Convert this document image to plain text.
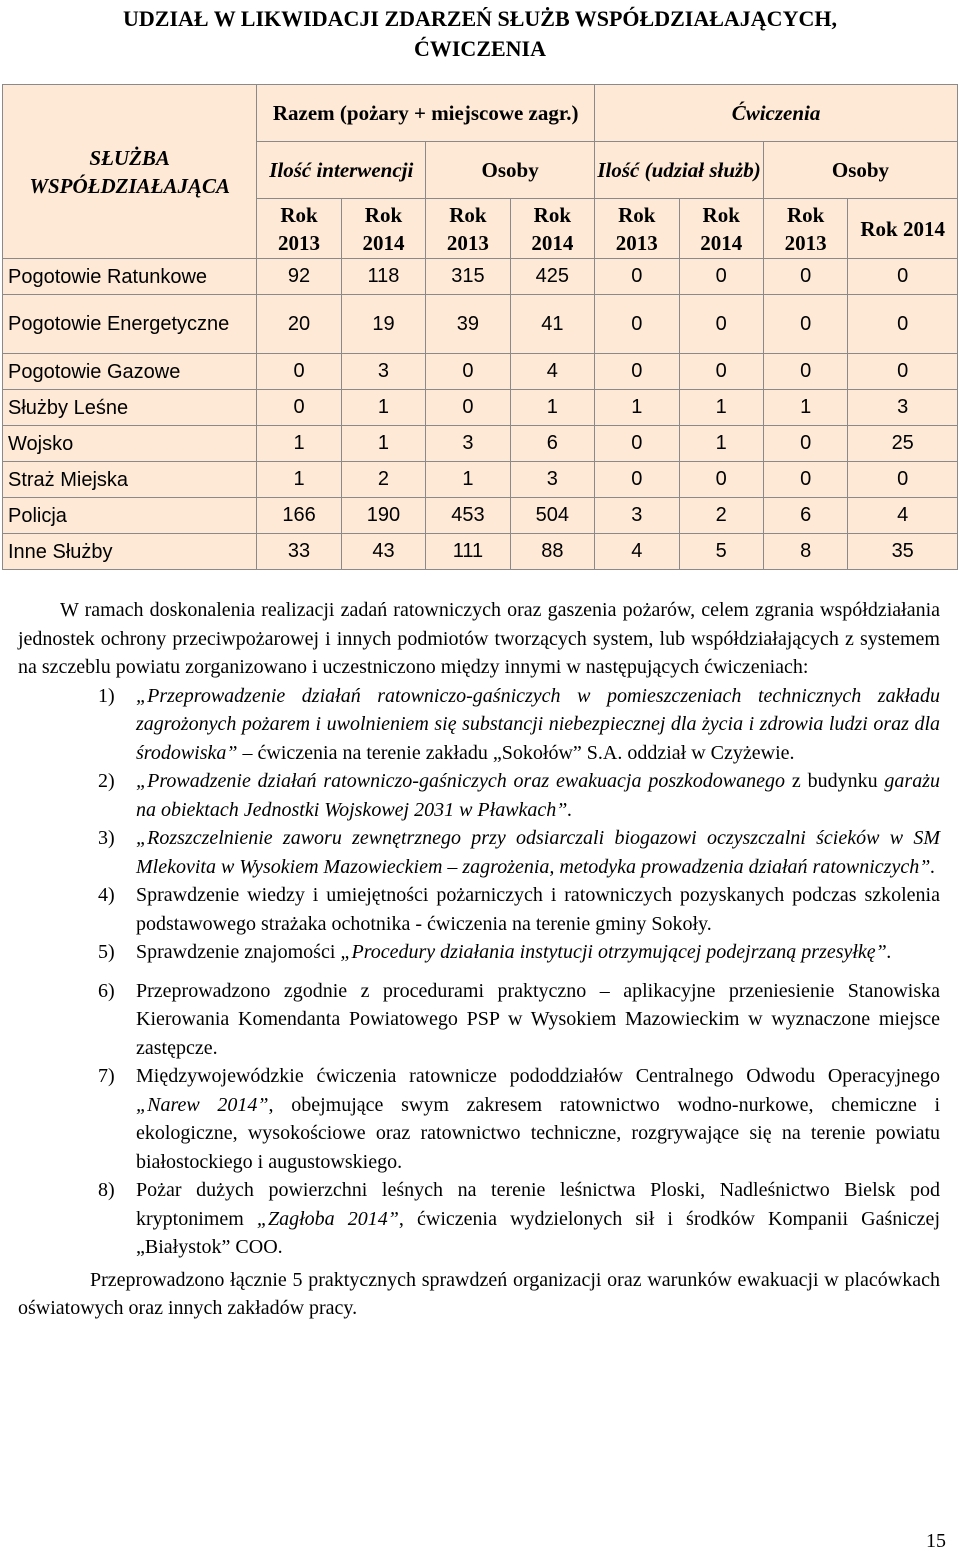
UDZIAŁ W LIKWIDACJI ZDARZEŃ SŁUŻB WSPÓŁDZIAŁAJĄCYCH,
ĆWICZENIA
SŁUŻBA WSPÓŁDZIAŁAJĄCA	Razem (pożary + miejscowe zagr.)				Ćwiczenia			
	Ilość interwencji		Osoby		Ilość (udział służb)		Osoby	
	Rok 2013	Rok 2014	Rok 2013	Rok 2014	Rok 2013	Rok 2014	Rok 2013	Rok 2014
Pogotowie Ratunkowe	92	118	315	425	0	0	0	0
Pogotowie Energetyczne	20	19	39	41	0	0	0	0
Pogotowie Gazowe	0	3	0	4	0	0	0	0
Służby Leśne	0	1	0	1	1	1	1	3
Wojsko	1	1	3	6	0	1	0	25
Straż Miejska	1	2	1	3	0	0	0	0
Policja	166	190	453	504	3	2	6	4
Inne Służby	33	43	111	88	4	5	8	35

W ramach doskonalenia realizacji zadań ratowniczych oraz gaszenia pożarów, celem zgrania współdziałania jednostek ochrony przeciwpożarowej i innych podmiotów tworzących system, lub współdziałających z systemem na szczeblu powiatu zorganizowano i uczestniczono między innymi w następujących ćwiczeniach:

1) „Przeprowadzenie działań ratowniczo-gaśniczych w pomieszczeniach technicznych zakładu zagrożonych pożarem i uwolnieniem się substancji niebezpiecznej dla życia i zdrowia ludzi oraz dla środowiska” – ćwiczenia na terenie zakładu „Sokołów” S.A. oddział w Czyżewie.
2) „Prowadzenie działań ratowniczo-gaśniczych oraz ewakuacja poszkodowanego z budynku garażu na obiektach Jednostki Wojskowej 2031 w Pławkach”.
3) „Rozszczelnienie zaworu zewnętrznego przy odsiarczali biogazowi oczyszczalni ścieków w SM Mlekovita w Wysokiem Mazowieckiem – zagrożenia, metodyka prowadzenia działań ratowniczych”.
4) Sprawdzenie wiedzy i umiejętności pożarniczych i ratowniczych pozyskanych podczas szkolenia podstawowego strażaka ochotnika - ćwiczenia na terenie gminy Sokoły.
5) Sprawdzenie znajomości „Procedury działania instytucji otrzymującej podejrzaną przesyłkę”.
6) Przeprowadzono zgodnie z procedurami praktyczno – aplikacyjne przeniesienie Stanowiska Kierowania Komendanta Powiatowego PSP w Wysokiem Mazowieckim w wyznaczone miejsce zastępcze.
7) Międzywojewódzkie ćwiczenia ratownicze pododdziałów Centralnego Odwodu Operacyjnego „Narew 2014”, obejmujące swym zakresem ratownictwo wodno-nurkowe, chemiczne i ekologiczne, wysokościowe oraz ratownictwo techniczne, rozgrywające się na terenie powiatu białostockiego i augustowskiego.
8) Pożar dużych powierzchni leśnych na terenie leśnictwa Ploski, Nadleśnictwo Bielsk pod kryptonimem „Zagłoba 2014”, ćwiczenia wydzielonych sił i środków Kompanii Gaśniczej „Białystok” COO.

Przeprowadzono łącznie 5 praktycznych sprawdzeń organizacji oraz warunków ewakuacji w placówkach oświatowych oraz innych zakładów pracy.

15
